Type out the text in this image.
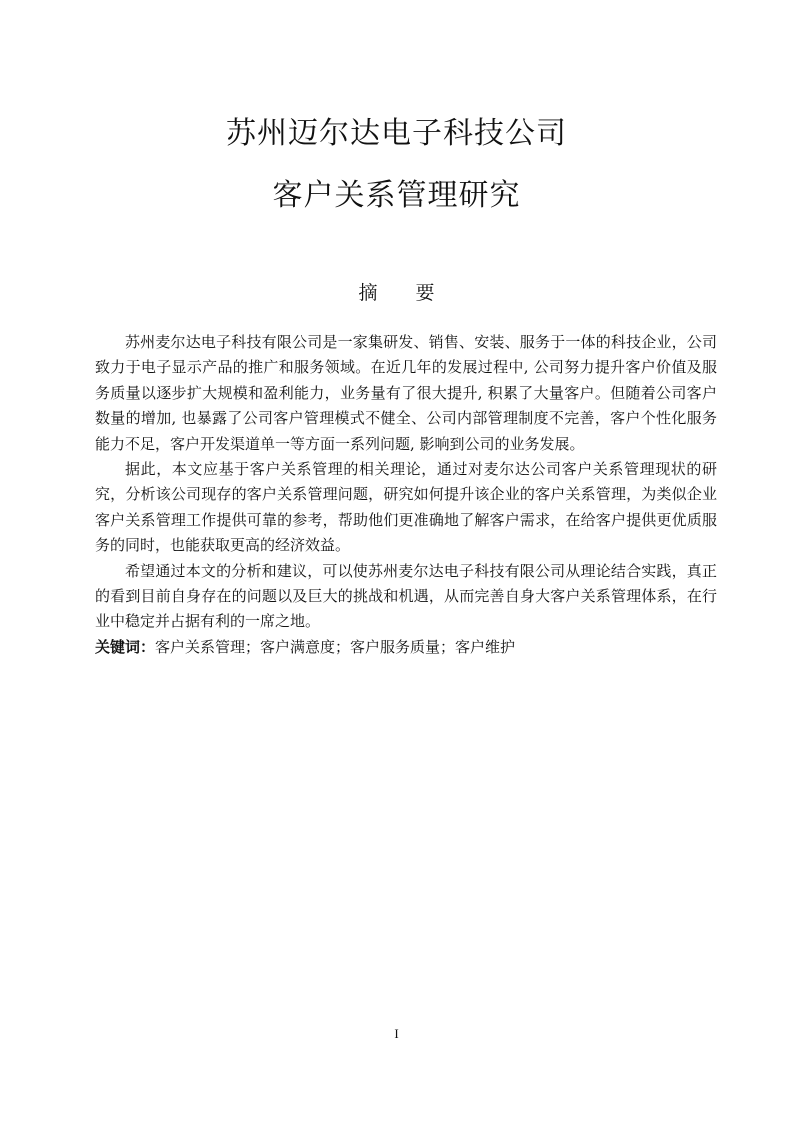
苏州迈尔达电子科技公司
客户关系管理研究
摘 要

苏州麦尔达电子科技有限公司是一家集研发、销售、安装、服务于一体的科技企业，公司致力于电子显示产品的推广和服务领域。在近几年的发展过程中, 公司努力提升客户价值及服务质量以逐步扩大规模和盈利能力，业务量有了很大提升, 积累了大量客户。但随着公司客户数量的增加, 也暴露了公司客户管理模式不健全、公司内部管理制度不完善，客户个性化服务能力不足，客户开发渠道单一等方面一系列问题, 影响到公司的业务发展。

据此，本文应基于客户关系管理的相关理论，通过对麦尔达公司客户关系管理现状的研究，分析该公司现存的客户关系管理问题，研究如何提升该企业的客户关系管理，为类似企业客户关系管理工作提供可靠的参考，帮助他们更准确地了解客户需求，在给客户提供更优质服务的同时，也能获取更高的经济效益。

希望通过本文的分析和建议，可以使苏州麦尔达电子科技有限公司从理论结合实践，真正的看到目前自身存在的问题以及巨大的挑战和机遇，从而完善自身大客户关系管理体系，在行业中稳定并占据有利的一席之地。

关键词：客户关系管理；客户满意度；客户服务质量；客户维护
I
